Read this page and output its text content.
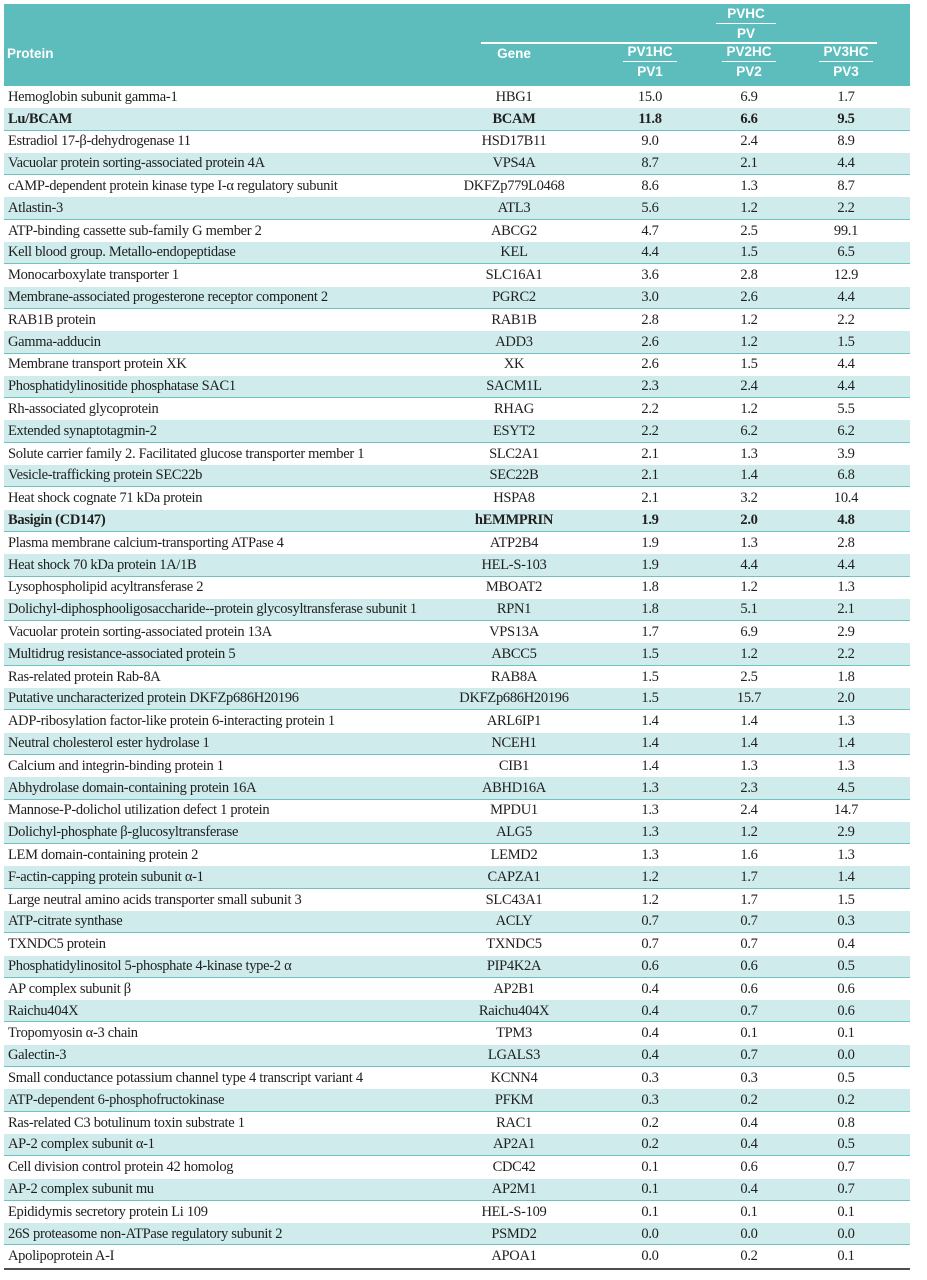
$\frac{\text{PVHC}}{PV}$
Protein	Gene	$\frac{PV1HC}{PV1}$	$\frac{PV2HC}{PV2}$	$\frac{PV3HC}{PV3}$
Hemoglobin subunit gamma-1	HBG1	15.0	6.9	1.7
Lu/BCAM	BCAM	11.8	6.6	9.5
Estradiol 17-β-dehydrogenase 11	HSD17B11	9.0	2.4	8.9
Vacuolar protein sorting-associated protein 4A	VPS4A	8.7	2.1	4.4
cAMP-dependent protein kinase type I-α regulatory subunit	DKFZp779L0468	8.6	1.3	8.7
Atlastin-3	ATL3	5.6	1.2	2.2
ATP-binding cassette sub-family G member 2	ABCG2	4.7	2.5	99.1
Kell blood group. Metallo-endopeptidase	KEL	4.4	1.5	6.5
Monocarboxylate transporter 1	SLC16A1	3.6	2.8	12.9
Membrane-associated progesterone receptor component 2	PGRC2	3.0	2.6	4.4
RAB1B protein	RAB1B	2.8	1.2	2.2
Gamma-adducin	ADD3	2.6	1.2	1.5
Membrane transport protein XK	XK	2.6	1.5	4.4
Phosphatidylinositide phosphatase SAC1	SACM1L	2.3	2.4	4.4
Rh-associated glycoprotein	RHAG	2.2	1.2	5.5
Extended synaptotagmin-2	ESYT2	2.2	6.2	6.2
Solute carrier family 2. Facilitated glucose transporter member 1	SLC2A1	2.1	1.3	3.9
Vesicle-trafficking protein SEC22b	SEC22B	2.1	1.4	6.8
Heat shock cognate 71 kDa protein	HSPA8	2.1	3.2	10.4
Basigin (CD147)	hEMMPRIN	1.9	2.0	4.8
Plasma membrane calcium-transporting ATPase 4	ATP2B4	1.9	1.3	2.8
Heat shock 70 kDa protein 1A/1B	HEL-S-103	1.9	4.4	4.4
Lysophospholipid acyltransferase 2	MBOAT2	1.8	1.2	1.3
Dolichyl-diphosphooligosaccharide--protein glycosyltransferase subunit 1	RPN1	1.8	5.1	2.1
Vacuolar protein sorting-associated protein 13A	VPS13A	1.7	6.9	2.9
Multidrug resistance-associated protein 5	ABCC5	1.5	1.2	2.2
Ras-related protein Rab-8A	RAB8A	1.5	2.5	1.8
Putative uncharacterized protein DKFZp686H20196	DKFZp686H20196	1.5	15.7	2.0
ADP-ribosylation factor-like protein 6-interacting protein 1	ARL6IP1	1.4	1.4	1.3
Neutral cholesterol ester hydrolase 1	NCEH1	1.4	1.4	1.4
Calcium and integrin-binding protein 1	CIB1	1.4	1.3	1.3
Abhydrolase domain-containing protein 16A	ABHD16A	1.3	2.3	4.5
Mannose-P-dolichol utilization defect 1 protein	MPDU1	1.3	2.4	14.7
Dolichyl-phosphate β-glucosyltransferase	ALG5	1.3	1.2	2.9
LEM domain-containing protein 2	LEMD2	1.3	1.6	1.3
F-actin-capping protein subunit α-1	CAPZA1	1.2	1.7	1.4
Large neutral amino acids transporter small subunit 3	SLC43A1	1.2	1.7	1.5
ATP-citrate synthase	ACLY	0.7	0.7	0.3
TXNDC5 protein	TXNDC5	0.7	0.7	0.4
Phosphatidylinositol 5-phosphate 4-kinase type-2 α	PIP4K2A	0.6	0.6	0.5
AP complex subunit β	AP2B1	0.4	0.6	0.6
Raichu404X	Raichu404X	0.4	0.7	0.6
Tropomyosin α-3 chain	TPM3	0.4	0.1	0.1
Galectin-3	LGALS3	0.4	0.7	0.0
Small conductance potassium channel type 4 transcript variant 4	KCNN4	0.3	0.3	0.5
ATP-dependent 6-phosphofructokinase	PFKM	0.3	0.2	0.2
Ras-related C3 botulinum toxin substrate 1	RAC1	0.2	0.4	0.8
AP-2 complex subunit α-1	AP2A1	0.2	0.4	0.5
Cell division control protein 42 homolog	CDC42	0.1	0.6	0.7
AP-2 complex subunit mu	AP2M1	0.1	0.4	0.7
Epididymis secretory protein Li 109	HEL-S-109	0.1	0.1	0.1
26S proteasome non-ATPase regulatory subunit 2	PSMD2	0.0	0.0	0.0
Apolipoprotein A-I	APOA1	0.0	0.2	0.1
